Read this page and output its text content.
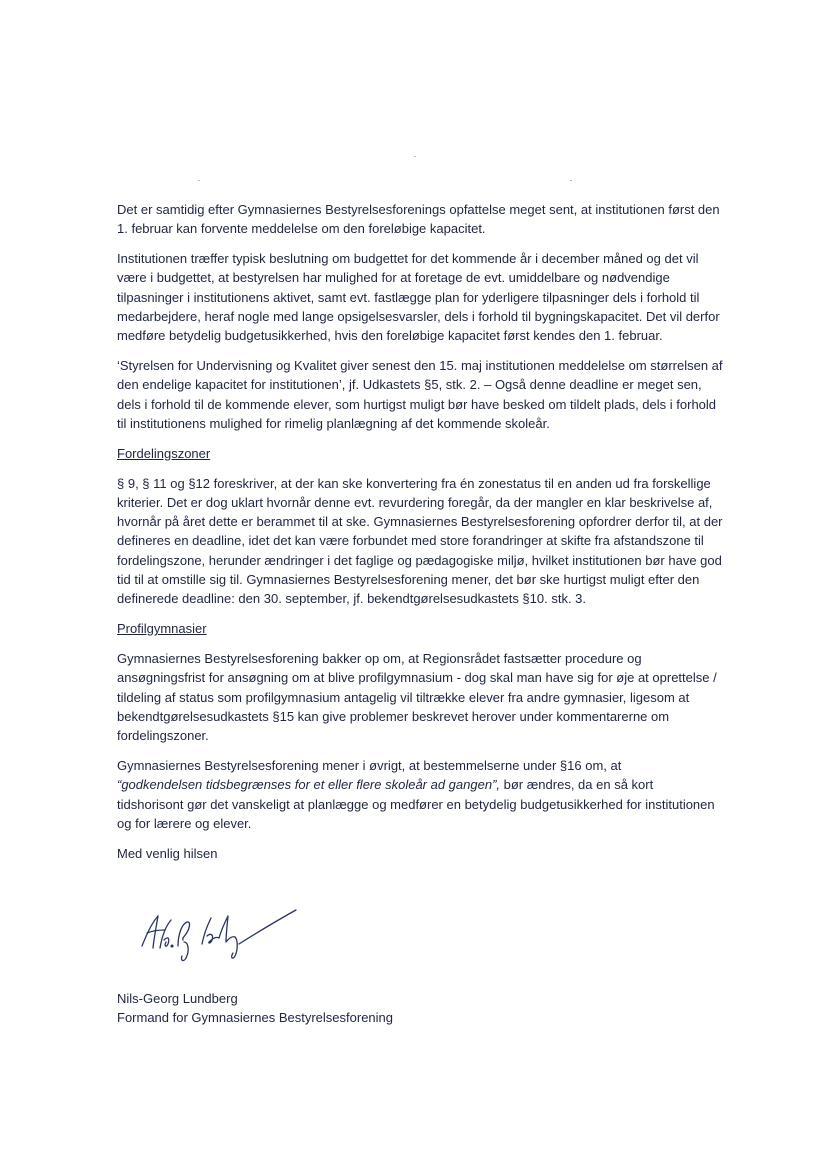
Det er samtidig efter Gymnasiernes Bestyrelsesforenings opfattelse meget sent, at institutionen først den 1. februar kan forvente meddelelse om den foreløbige kapacitet.

Institutionen træffer typisk beslutning om budgettet for det kommende år i december måned og det vil være i budgettet, at bestyrelsen har mulighed for at foretage de evt. umiddelbare og nødvendige tilpasninger i institutionens aktivet, samt evt. fastlægge plan for yderligere tilpasninger dels i forhold til medarbejdere, heraf nogle med lange opsigelsesvarsler, dels i forhold til bygningskapacitet. Det vil derfor medføre betydelig budgetusikkerhed, hvis den foreløbige kapacitet først kendes den 1. februar.

‘Styrelsen for Undervisning og Kvalitet giver senest den 15. maj institutionen meddelelse om størrelsen af den endelige kapacitet for institutionen’, jf. Udkastets §5, stk. 2. – Også denne deadline er meget sen, dels i forhold til de kommende elever, som hurtigst muligt bør have besked om tildelt plads, dels i forhold til institutionens mulighed for rimelig planlægning af det kommende skoleår.

Fordelingszoner

§ 9, § 11 og §12 foreskriver, at der kan ske konvertering fra én zonestatus til en anden ud fra forskellige kriterier. Det er dog uklart hvornår denne evt. revurdering foregår, da der mangler en klar beskrivelse af, hvornår på året dette er berammet til at ske. Gymnasiernes Bestyrelsesforening opfordrer derfor til, at der defineres en deadline, idet det kan være forbundet med store forandringer at skifte fra afstandszone til fordelingszone, herunder ændringer i det faglige og pædagogiske miljø, hvilket institutionen bør have god tid til at omstille sig til. Gymnasiernes Bestyrelsesforening mener, det bør ske hurtigst muligt efter den definerede deadline: den 30. september, jf. bekendtgørelsesudkastets §10. stk. 3.

Profilgymnasier

Gymnasiernes Bestyrelsesforening bakker op om, at Regionsrådet fastsætter procedure og ansøgningsfrist for ansøgning om at blive profilgymnasium - dog skal man have sig for øje at oprettelse / tildeling af status som profilgymnasium antagelig vil tiltrække elever fra andre gymnasier, ligesom at bekendtgørelsesudkastets §15 kan give problemer beskrevet herover under kommentarerne om fordelingszoner.

Gymnasiernes Bestyrelsesforening mener i øvrigt, at bestemmelserne under §16 om, at
“godkendelsen tidsbegrænses for et eller flere skoleår ad gangen”, bør ændres, da en så kort tidshorisont gør det vanskeligt at planlægge og medfører en betydelig budgetusikkerhed for institutionen og for lærere og elever.

Med venlig hilsen

Nils-Georg Lundberg
Formand for Gymnasiernes Bestyrelsesforening
